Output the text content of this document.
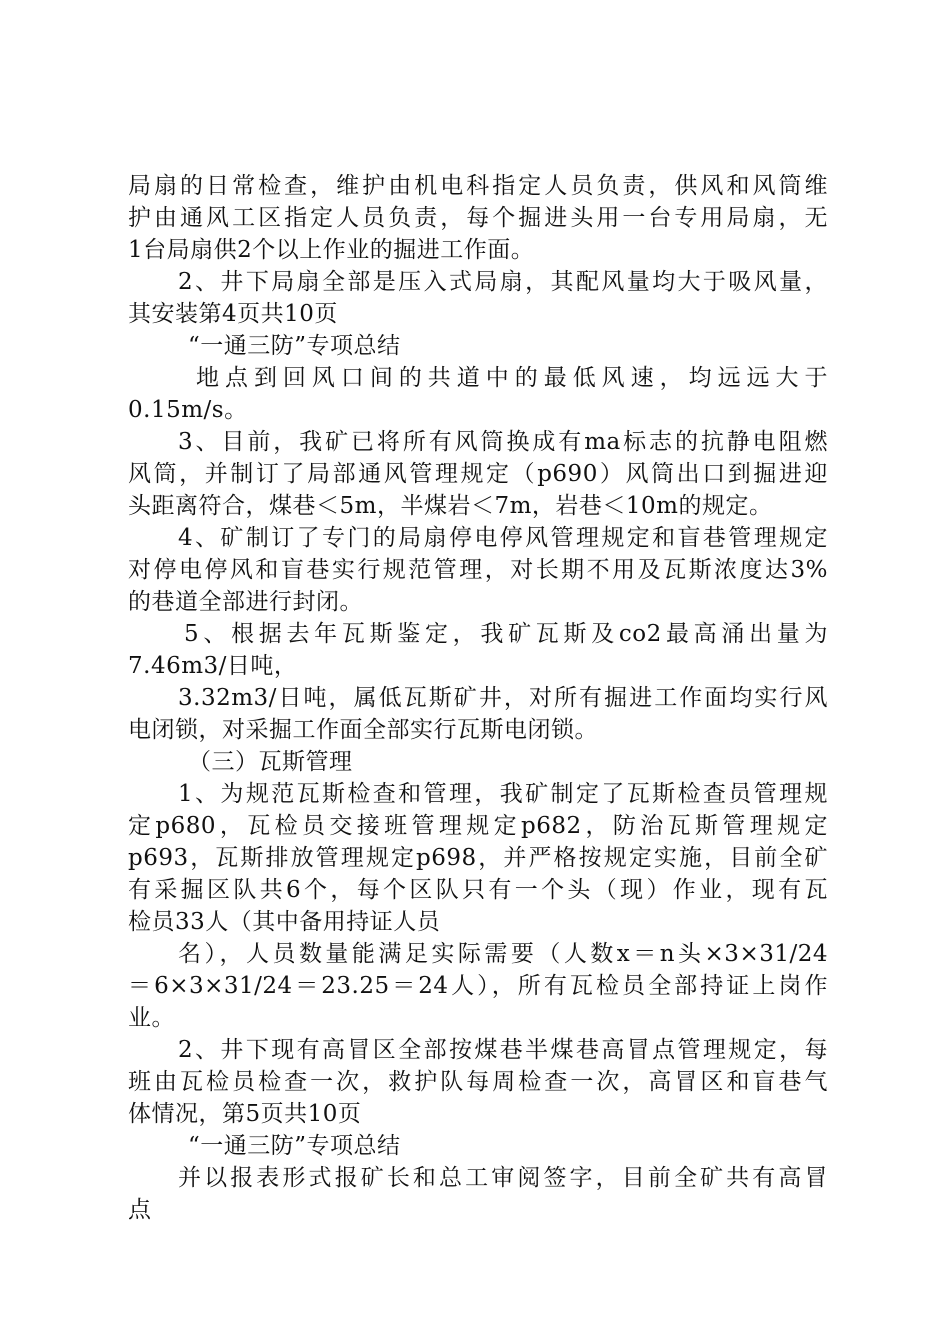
局扇的日常检查，维护由机电科指定人员负责，供风和风筒维
护由通风工区指定人员负责，每个掘进头用一台专用局扇，无
1台局扇供2个以上作业的掘进工作面。
2、井下局扇全部是压入式局扇，其配风量均大于吸风量，
其安装第4页共10页
“一通三防”专项总结
地点到回风口间的共道中的最低风速，均远远大于
0.15m/s。
3、目前，我矿已将所有风筒换成有ma标志的抗静电阻燃
风筒，并制订了局部通风管理规定（p690）风筒出口到掘进迎
头距离符合，煤巷＜5m，半煤岩＜7m，岩巷＜10m的规定。
4、矿制订了专门的局扇停电停风管理规定和盲巷管理规定
对停电停风和盲巷实行规范管理，对长期不用及瓦斯浓度达3%
的巷道全部进行封闭。
5、根据去年瓦斯鉴定，我矿瓦斯及co2最高涌出量为
7.46m3/日吨，
3.32m3/日吨，属低瓦斯矿井，对所有掘进工作面均实行风
电闭锁，对采掘工作面全部实行瓦斯电闭锁。
（三）瓦斯管理
1、为规范瓦斯检查和管理，我矿制定了瓦斯检查员管理规
定p680，瓦检员交接班管理规定p682，防治瓦斯管理规定
p693，瓦斯排放管理规定p698，并严格按规定实施，目前全矿
有采掘区队共6个，每个区队只有一个头（现）作业，现有瓦
检员33人（其中备用持证人员
名），人员数量能满足实际需要（人数x＝n头×3×31/24
＝6×3×31/24＝23.25＝24人），所有瓦检员全部持证上岗作
业。
2、井下现有高冒区全部按煤巷半煤巷高冒点管理规定，每
班由瓦检员检查一次，救护队每周检查一次，高冒区和盲巷气
体情况，第5页共10页
“一通三防”专项总结
并以报表形式报矿长和总工审阅签字，目前全矿共有高冒
点
